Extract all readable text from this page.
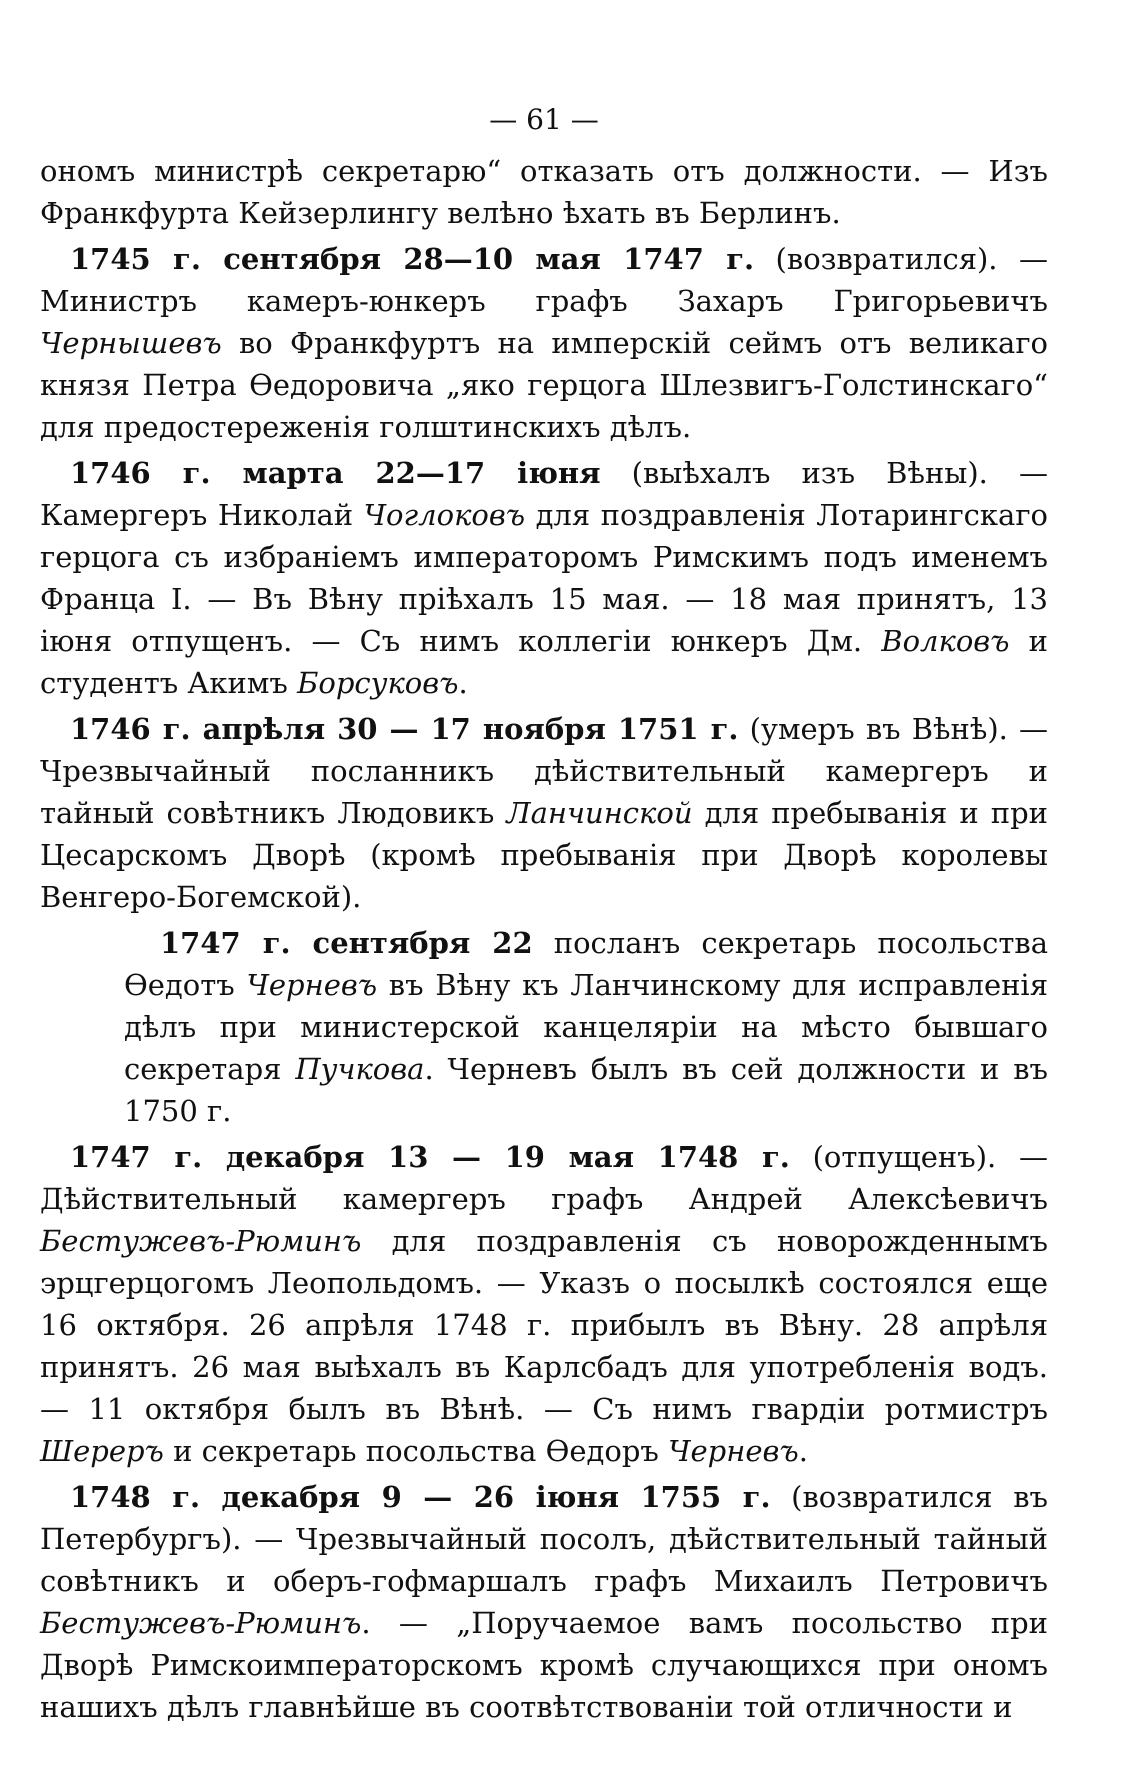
— 61 —

ономъ министрѣ секретарю“ отказать отъ должности. — Изъ Франкфурта Кейзерлингу велѣно ѣхать въ Берлинъ.

1745 г. сентября 28—10 мая 1747 г. (возвратился). — Министръ камеръ-юнкеръ графъ Захаръ Григорьевичъ Чернышевъ во Франкфуртъ на имперскій сеймъ отъ великаго князя Петра Ѳедоровича „яко герцога Шлезвигъ-Голстинскаго“ для предостереженія голштинскихъ дѣлъ.

1746 г. марта 22—17 іюня (выѣхалъ изъ Вѣны). — Камергеръ Николай Чоглоковъ для поздравленія Лотарингскаго герцога съ избраніемъ императоромъ Римскимъ подъ именемъ Франца I. — Въ Вѣну пріѣхалъ 15 мая. — 18 мая принятъ, 13 іюня отпущенъ. — Съ нимъ коллегіи юнкеръ Дм. Волковъ и студентъ Акимъ Борсуковъ.

1746 г. апрѣля 30 — 17 ноября 1751 г. (умеръ въ Вѣнѣ). — Чрезвычайный посланникъ дѣйствительный камергеръ и тайный совѣтникъ Людовикъ Ланчинской для пребыванія и при Цесарскомъ Дворѣ (кромѣ пребыванія при Дворѣ королевы Венгеро-Богемской).

1747 г. сентября 22 посланъ секретарь посольства Ѳедотъ Черневъ въ Вѣну къ Ланчинскому для исправленія дѣлъ при министерской канцеляріи на мѣсто бывшаго секретаря Пучкова. Черневъ былъ въ сей должности и въ 1750 г.

1747 г. декабря 13 — 19 мая 1748 г. (отпущенъ). — Дѣйствительный камергеръ графъ Андрей Алексѣевичъ Бестужевъ-Рюминъ для поздравленія съ новорожденнымъ эрцгерцогомъ Леопольдомъ. — Указъ о посылкѣ состоялся еще 16 октября. 26 апрѣля 1748 г. прибылъ въ Вѣну. 28 апрѣля принятъ. 26 мая выѣхалъ въ Карлсбадъ для употребленія водъ. — 11 октября былъ въ Вѣнѣ. — Съ нимъ гвардіи ротмистръ Шереръ и секретарь посольства Ѳедоръ Черневъ.

1748 г. декабря 9 — 26 іюня 1755 г. (возвратился въ Петербургъ). — Чрезвычайный посолъ, дѣйствительный тайный совѣтникъ и оберъ-гофмаршалъ графъ Михаилъ Петровичъ Бестужевъ-Рюминъ. — „Поручаемое вамъ посольство при Дворѣ Римскоимператорскомъ кромѣ случающихся при ономъ нашихъ дѣлъ главнѣйше въ соотвѣтствованіи той отличности и
